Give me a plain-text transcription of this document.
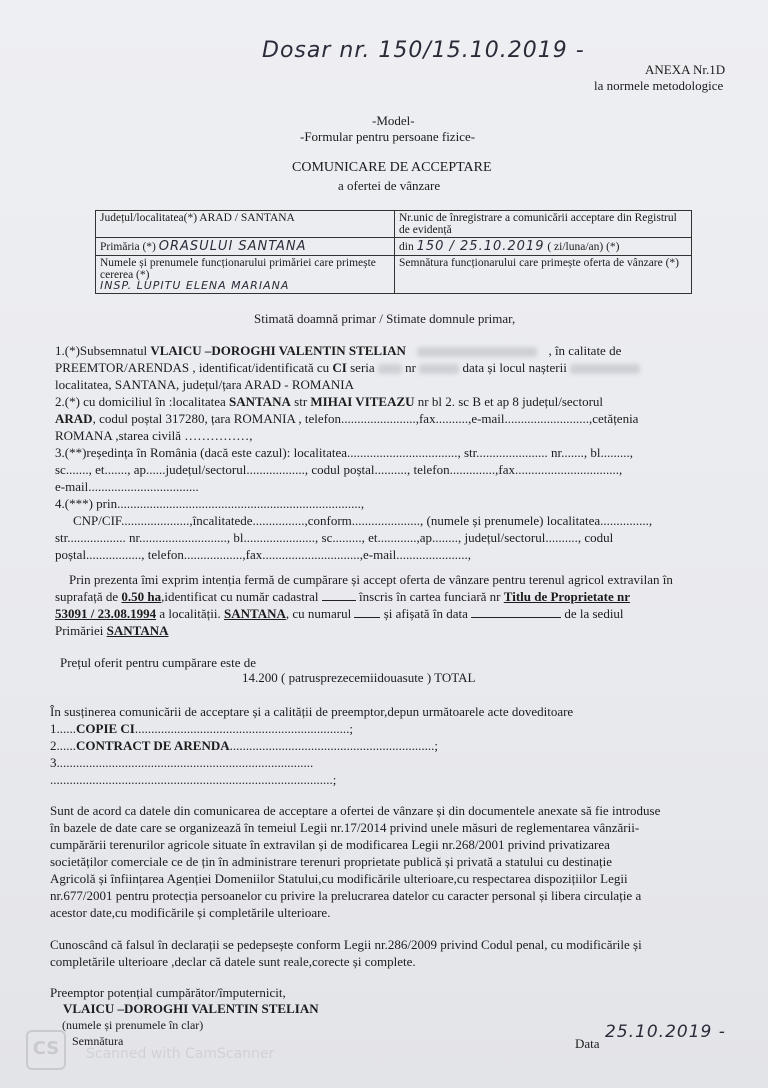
Dosar nr. 150/15.10.2019 -
ANEXA Nr.1D
la normele metodologice
-Model-
-Formular pentru persoane fizice-
COMUNICARE DE ACCEPTARE
a ofertei de vânzare
Județul/localitatea(*) ARAD / SANTANA	Nr.unic de înregistrare a comunicării acceptare din Registrul de evidență
Primăria (*) ORASULUI SANTANA	din 150 / 25.10.2019 ( zi/luna/an) (*)

Numele și prenumele funcționarului primăriei care primește cererea (*)
INSP. LUPITU ELENA MARIANA	Semnătura funcționarului care primește oferta de vânzare (*)
Stimată doamnă primar / Stimate domnule primar,
1.(*)Subsemnatul VLAICU –DOROGHI VALENTIN STELIAN	, în calitate de
PREEMTOR/ARENDAS , identificat/identificată cu CI seria nr	data și locul nașterii
localitatea, SANTANA, județul/țara ARAD - ROMANIA
2.(*) cu domiciliul în :localitatea SANTANA str MIHAI VITEAZU nr bl 2. sc B et ap 8 județul/sectorul
ARAD, codul poștal 317280, țara ROMANIA , telefon.......................,fax..........,e-mail..........................,cetățenia
ROMANA ,starea civilă ……………,
3.(**)reședința în România (dacă este cazul): localitatea.................................., str...................... nr......., bl.........,
sc......., et......., ap......județul/sectorul.................., codul poștal.........., telefon..............,fax................................,
e-mail..................................
4.(***) prin...........................................................................,
CNP/CIF.....................,încalitatede................,conform....................., (numele și prenumele) localitatea...............,
str.................. nr..........................., bl......................, sc........., et............,ap........, județul/sectorul.........., codul
poștal................., telefon..................,fax..............................,e-mail......................,
Prin prezenta îmi exprim intenția fermă de cumpărare și accept oferta de vânzare pentru terenul agricol extravilan în
suprafață de 0.50 ha,identificat cu număr cadastral	înscris în cartea funciară nr Titlu de Proprietate nr
53091 / 23.08.1994 a localității. SANTANA, cu numarul	și afișată în data	de la sediul
Primăriei SANTANA
Prețul oferit pentru cumpărare este de
14.200 ( patrusprezecemiidouasute ) TOTAL
În susținerea comunicării de acceptare și a calității de preemptor,depun următoarele acte doveditoare
1......COPIE CI..................................................................;
2......CONTRACT DE ARENDA...............................................................;
3...............................................................................
.......................................................................................;
Sunt de acord ca datele din comunicarea de acceptare a ofertei de vânzare și din documentele anexate să fie introduse
în bazele de date care se organizează în temeiul Legii nr.17/2014 privind unele măsuri de reglementarea vânzării-
cumpărării terenurilor agricole situate în extravilan și de modificarea Legii nr.268/2001 privind privatizarea
societăților comerciale ce de țin în administrare terenuri proprietate publică și privată a statului cu destinație
Agricolă și înființarea Agenției Domeniilor Statului,cu modificările ulterioare,cu respectarea dispozițiilor Legii
nr.677/2001 pentru protecția persoanelor cu privire la prelucrarea datelor cu caracter personal și libera circulație a
acestor date,cu modificările și completările ulterioare.
Cunoscând că falsul în declarații se pedepsește conform Legii nr.286/2009 privind Codul penal, cu modificările și
completările ulterioare ,declar că datele sunt reale,corecte și complete.
Preemptor potențial cumpărător/împuternicit,
VLAICU –DOROGHI VALENTIN STELIAN
(numele și prenumele în clar)
Semnătura	Data
25.10.2019 -
CS	Scanned with CamScanner
